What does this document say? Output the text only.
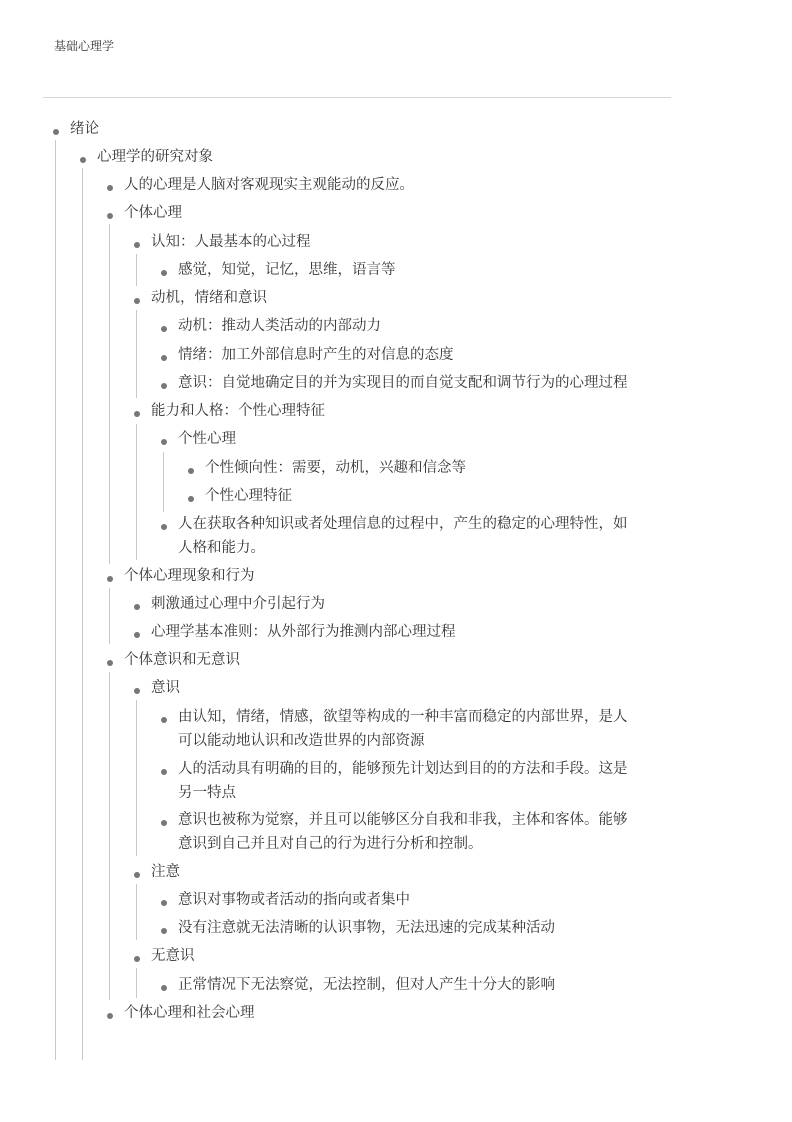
基础心理学
绪论
心理学的研究对象
人的心理是人脑对客观现实主观能动的反应。
个体心理
认知：人最基本的心过程
感觉，知觉，记忆，思维，语言等
动机，情绪和意识
动机：推动人类活动的内部动力
情绪：加工外部信息时产生的对信息的态度
意识：自觉地确定目的并为实现目的而自觉支配和调节行为的心理过程
能力和人格：个性心理特征
个性心理
个性倾向性：需要，动机，兴趣和信念等
个性心理特征
人在获取各种知识或者处理信息的过程中，产生的稳定的心理特性，如
人格和能力。
个体心理现象和行为
刺激通过心理中介引起行为
心理学基本准则：从外部行为推测内部心理过程
个体意识和无意识
意识
由认知，情绪，情感，欲望等构成的一种丰富而稳定的内部世界，是人
可以能动地认识和改造世界的内部资源
人的活动具有明确的目的，能够预先计划达到目的的方法和手段。这是
另一特点
意识也被称为觉察，并且可以能够区分自我和非我，主体和客体。能够
意识到自己并且对自己的行为进行分析和控制。
注意
意识对事物或者活动的指向或者集中
没有注意就无法清晰的认识事物，无法迅速的完成某种活动
无意识
正常情况下无法察觉，无法控制，但对人产生十分大的影响
个体心理和社会心理
